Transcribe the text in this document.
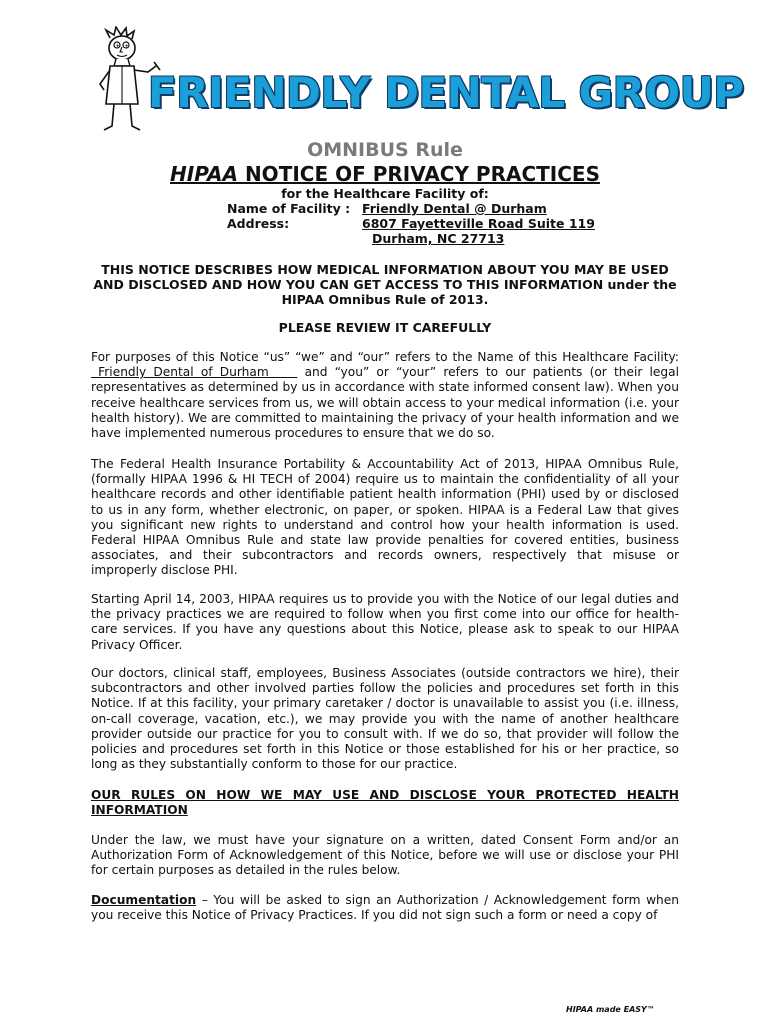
FRIENDLY DENTAL GROUP
OMNIBUS Rule
HIPAA NOTICE OF PRIVACY PRACTICES
for the Healthcare Facility of:
Name of Facility : Friendly Dental @ Durham
Address:	6807 Fayetteville Road Suite 119
Durham, NC 27713
THIS NOTICE DESCRIBES HOW MEDICAL INFORMATION ABOUT YOU MAY BE USED AND DISCLOSED AND HOW YOU CAN GET ACCESS TO THIS INFORMATION under the HIPAA Omnibus Rule of 2013.
PLEASE REVIEW IT CAREFULLY
For purposes of this Notice “us” “we” and “our” refers to the Name of this Healthcare Facility:  Friendly Dental of Durham     and “you” or “your” refers to our patients (or their legal representatives as determined by us in accordance with state informed consent law). When you receive healthcare services from us, we will obtain access to your medical information (i.e. your health history). We are committed to maintaining the privacy of your health information and we have implemented numerous procedures to ensure that we do so.
The Federal Health Insurance Portability & Accountability Act of 2013, HIPAA Omnibus Rule, (formally HIPAA 1996 & HI TECH of 2004) require us to maintain the confidentiality of all your healthcare records and other identifiable patient health information (PHI) used by or disclosed to us in any form, whether electronic, on paper, or spoken. HIPAA is a Federal Law that gives you significant new rights to understand and control how your health information is used. Federal HIPAA Omnibus Rule and state law provide penalties for covered entities, business associates, and their subcontractors and records owners, respectively that misuse or improperly disclose PHI.
Starting April 14, 2003, HIPAA requires us to provide you with the Notice of our legal duties and the privacy practices we are required to follow when you first come into our office for health-care services. If you have any questions about this Notice, please ask to speak to our HIPAA Privacy Officer.
Our doctors, clinical staff, employees, Business Associates (outside contractors we hire), their subcontractors and other involved parties follow the policies and procedures set forth in this Notice. If at this facility, your primary caretaker / doctor is unavailable to assist you (i.e. illness, on-call coverage, vacation, etc.), we may provide you with the name of another healthcare provider outside our practice for you to consult with. If we do so, that provider will follow the policies and procedures set forth in this Notice or those established for his or her practice, so long as they substantially conform to those for our practice.
OUR RULES ON HOW WE MAY USE AND DISCLOSE YOUR PROTECTED HEALTH INFORMATION
Under the law, we must have your signature on a written, dated Consent Form and/or an Authorization Form of Acknowledgement of this Notice, before we will use or disclose your PHI for certain purposes as detailed in the rules below.
Documentation – You will be asked to sign an Authorization / Acknowledgement form when you receive this Notice of Privacy Practices. If you did not sign such a form or need a copy of
HIPAA made EASY™
